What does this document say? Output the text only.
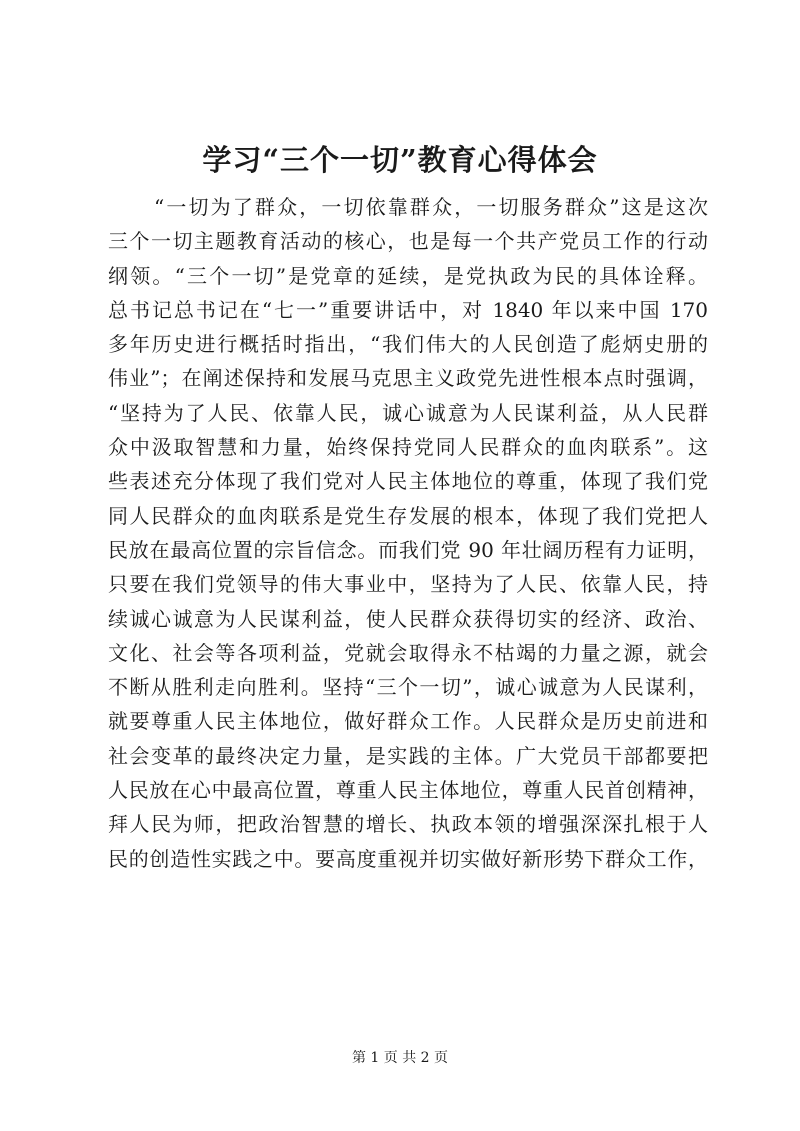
学习“三个一切”教育心得体会
“一切为了群众，一切依靠群众，一切服务群众”这是这次
三个一切主题教育活动的核心，也是每一个共产党员工作的行动
纲领。“三个一切”是党章的延续，是党执政为民的具体诠释。
总书记总书记在“七一”重要讲话中，对 1840 年以来中国 170
多年历史进行概括时指出，“我们伟大的人民创造了彪炳史册的
伟业”；在阐述保持和发展马克思主义政党先进性根本点时强调，
“坚持为了人民、依靠人民，诚心诚意为人民谋利益，从人民群
众中汲取智慧和力量，始终保持党同人民群众的血肉联系”。这
些表述充分体现了我们党对人民主体地位的尊重，体现了我们党
同人民群众的血肉联系是党生存发展的根本，体现了我们党把人
民放在最高位置的宗旨信念。而我们党 90 年壮阔历程有力证明，
只要在我们党领导的伟大事业中，坚持为了人民、依靠人民，持
续诚心诚意为人民谋利益，使人民群众获得切实的经济、政治、
文化、社会等各项利益，党就会取得永不枯竭的力量之源，就会
不断从胜利走向胜利。坚持“三个一切”，诚心诚意为人民谋利，
就要尊重人民主体地位，做好群众工作。人民群众是历史前进和
社会变革的最终决定力量，是实践的主体。广大党员干部都要把
人民放在心中最高位置，尊重人民主体地位，尊重人民首创精神，
拜人民为师，把政治智慧的增长、执政本领的增强深深扎根于人
民的创造性实践之中。要高度重视并切实做好新形势下群众工作，
第 1 页 共 2 页
